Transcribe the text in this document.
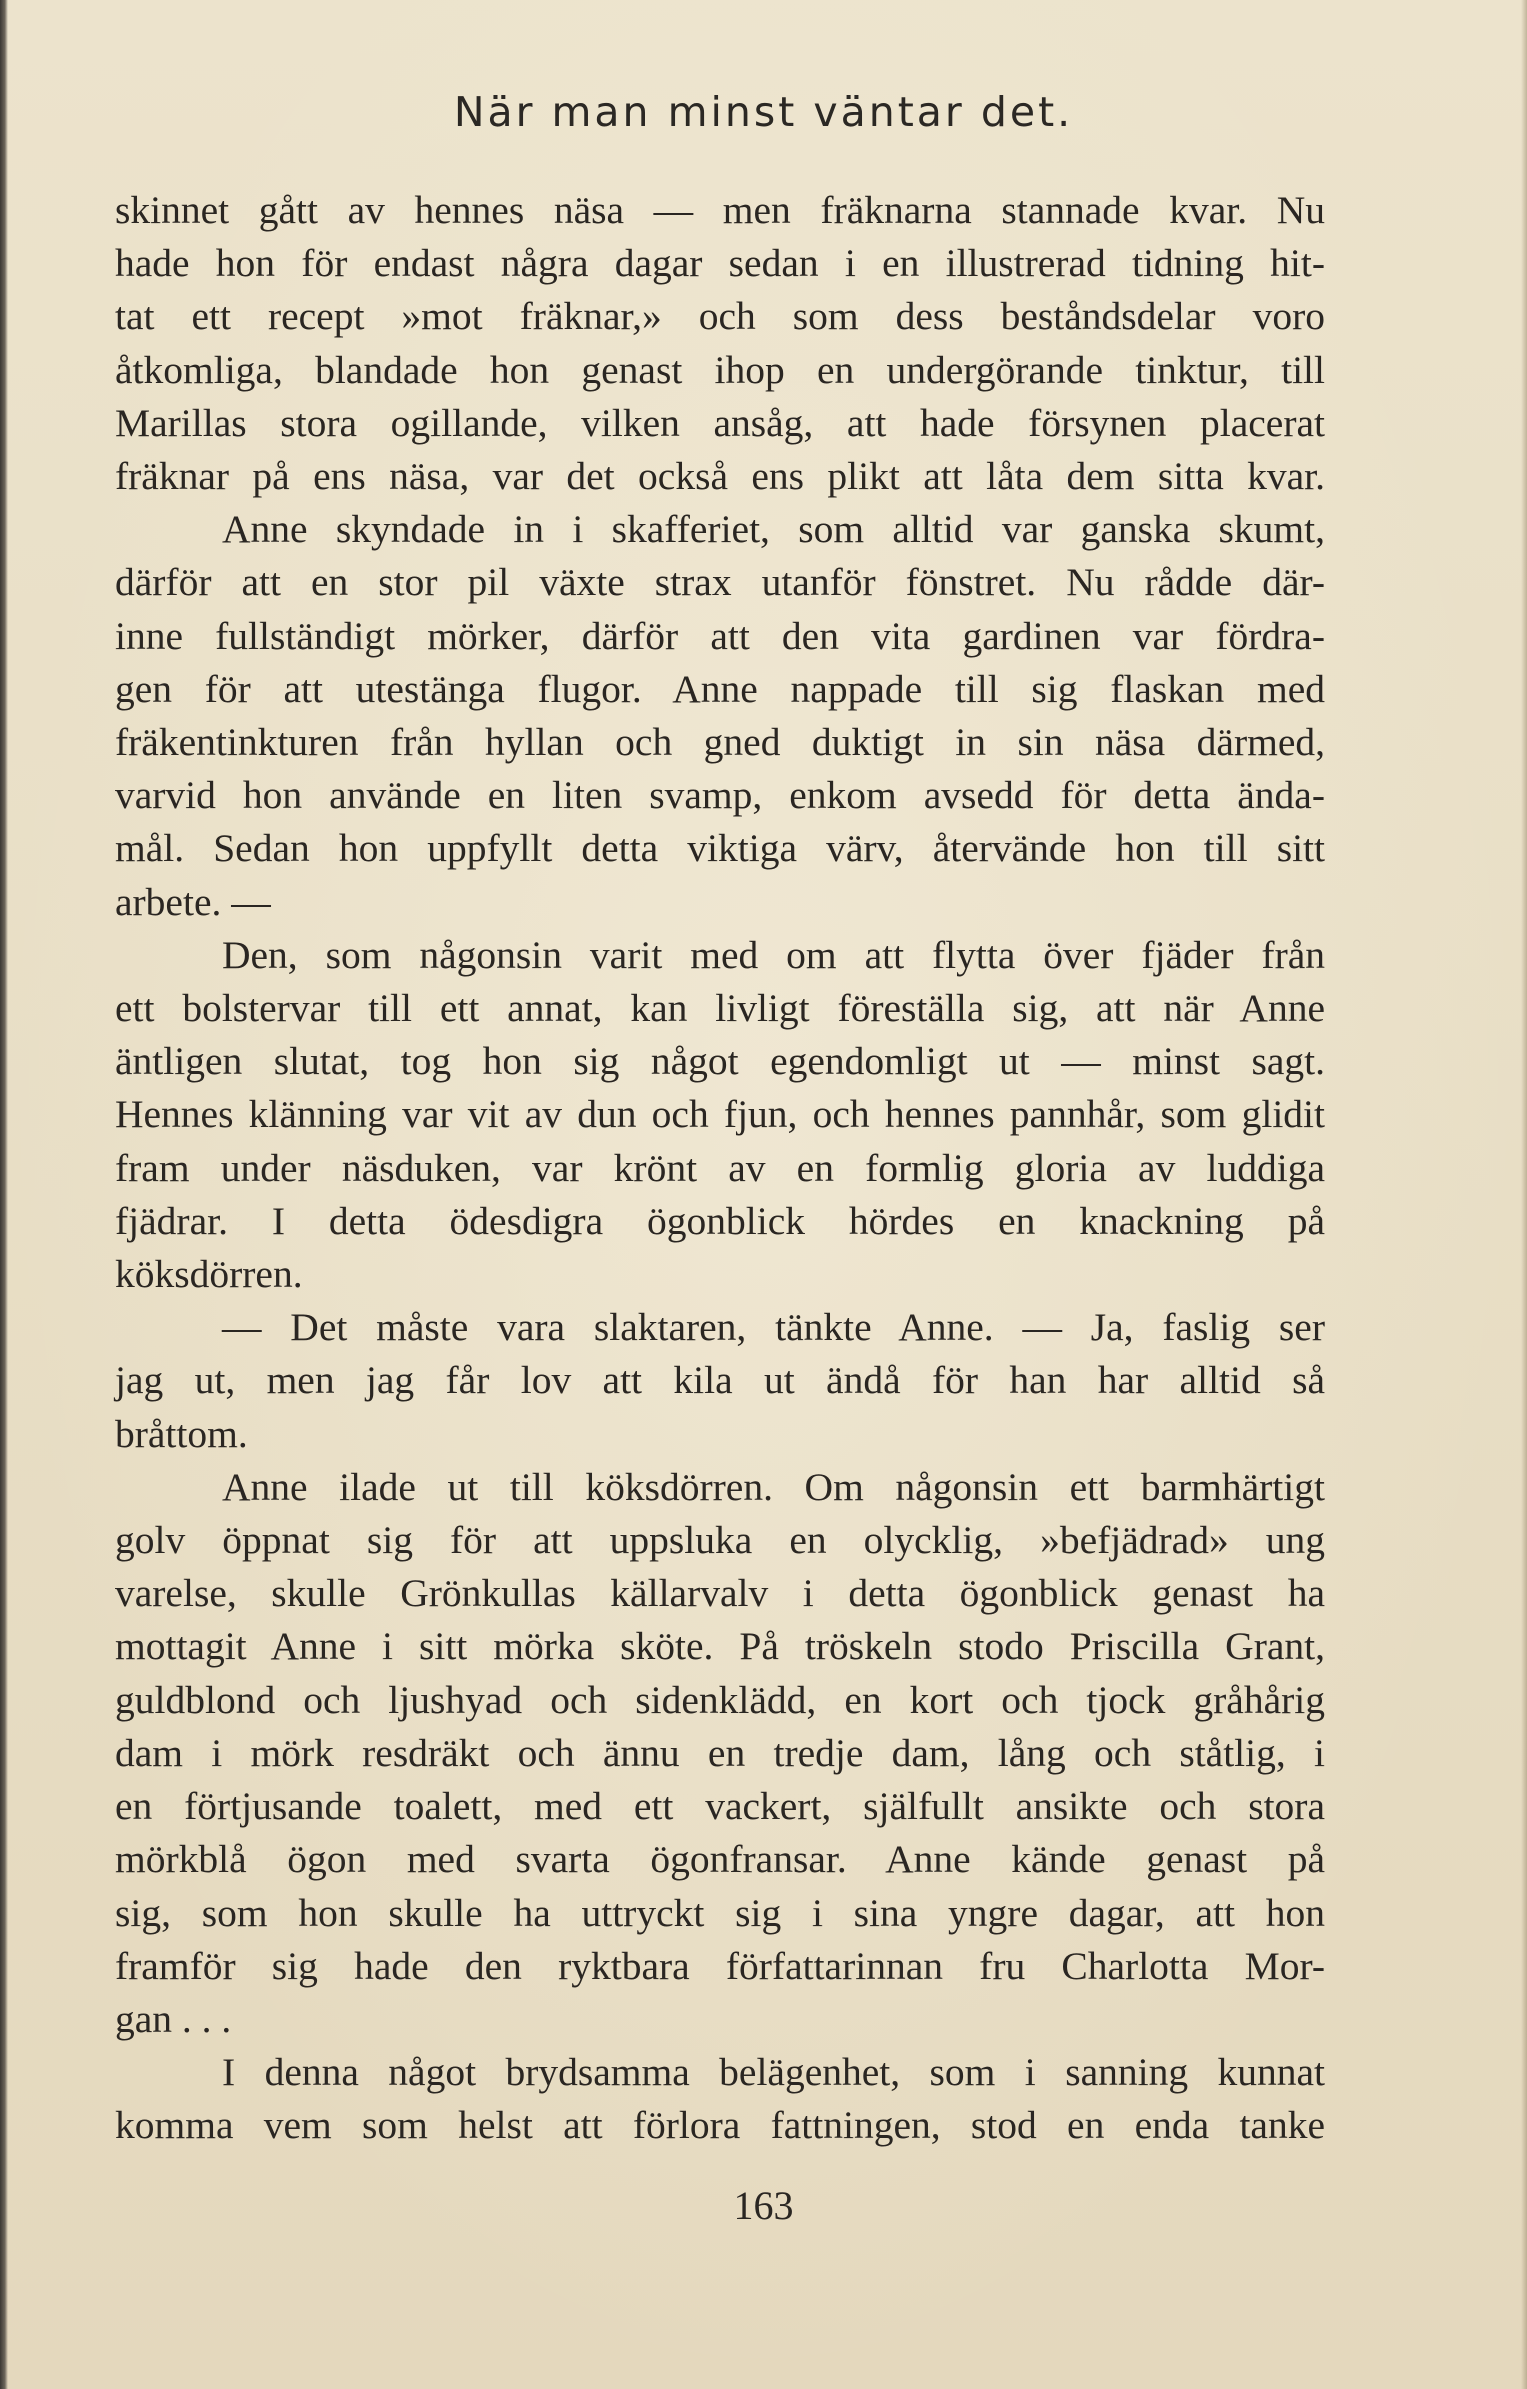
När man minst väntar det.
skinnet gått av hennes näsa — men fräknarna stannade kvar. Nu
hade hon för endast några dagar sedan i en illustrerad tidning hit-
tat ett recept »mot fräknar,» och som dess beståndsdelar voro
åtkomliga, blandade hon genast ihop en undergörande tinktur, till
Marillas stora ogillande, vilken ansåg, att hade försynen placerat
fräknar på ens näsa, var det också ens plikt att låta dem sitta kvar.
Anne skyndade in i skafferiet, som alltid var ganska skumt,
därför att en stor pil växte strax utanför fönstret. Nu rådde där-
inne fullständigt mörker, därför att den vita gardinen var fördra-
gen för att utestänga flugor. Anne nappade till sig flaskan med
fräkentinkturen från hyllan och gned duktigt in sin näsa därmed,
varvid hon använde en liten svamp, enkom avsedd för detta ända-
mål. Sedan hon uppfyllt detta viktiga värv, återvände hon till sitt
arbete. —
Den, som någonsin varit med om att flytta över fjäder från
ett bolstervar till ett annat, kan livligt föreställa sig, att när Anne
äntligen slutat, tog hon sig något egendomligt ut — minst sagt.
Hennes klänning var vit av dun och fjun, och hennes pannhår, som glidit
fram under näsduken, var krönt av en formlig gloria av luddiga
fjädrar. I detta ödesdigra ögonblick hördes en knackning på
köksdörren.
— Det måste vara slaktaren, tänkte Anne. — Ja, faslig ser
jag ut, men jag får lov att kila ut ändå för han har alltid så
bråttom.
Anne ilade ut till köksdörren. Om någonsin ett barmhärtigt
golv öppnat sig för att uppsluka en olycklig, »befjädrad» ung
varelse, skulle Grönkullas källarvalv i detta ögonblick genast ha
mottagit Anne i sitt mörka sköte. På tröskeln stodo Priscilla Grant,
guldblond och ljushyad och sidenklädd, en kort och tjock gråhårig
dam i mörk resdräkt och ännu en tredje dam, lång och ståtlig, i
en förtjusande toalett, med ett vackert, själfullt ansikte och stora
mörkblå ögon med svarta ögonfransar. Anne kände genast på
sig, som hon skulle ha uttryckt sig i sina yngre dagar, att hon
framför sig hade den ryktbara författarinnan fru Charlotta Mor-
gan . . .
I denna något brydsamma belägenhet, som i sanning kunnat
komma vem som helst att förlora fattningen, stod en enda tanke
163
